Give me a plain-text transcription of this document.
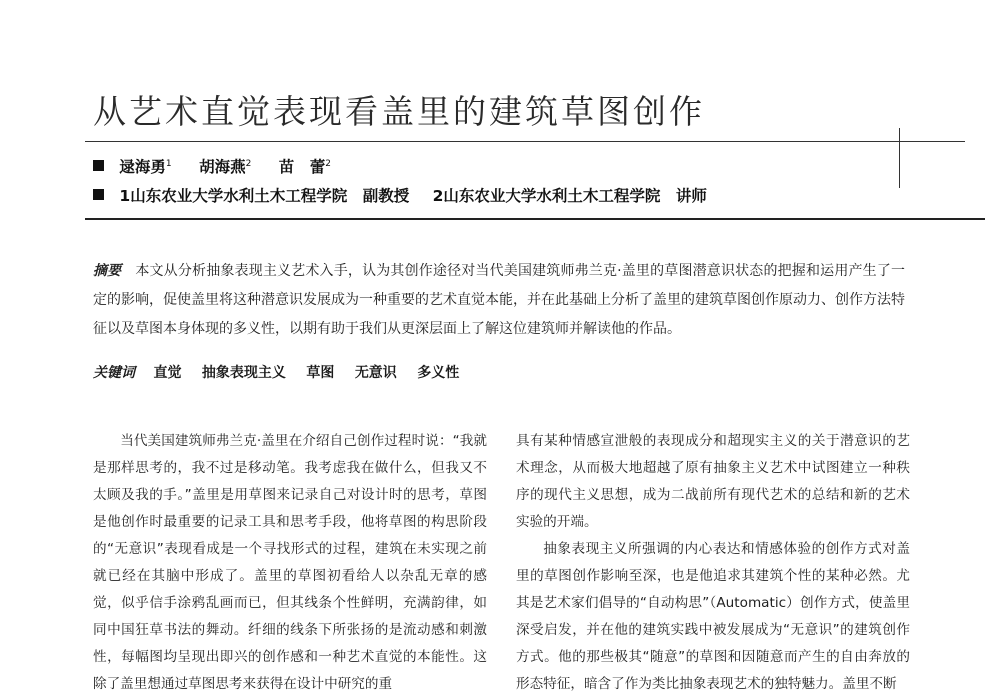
从艺术直觉表现看盖里的建筑草图创作
逯海勇$^1$ 胡海燕$^2$ 苗　蕾$^2$
1山东农业大学水利土木工程学院　副教授 2山东农业大学水利土木工程学院　讲师
摘要 本文从分析抽象表现主义艺术入手，认为其创作途径对当代美国建筑师弗兰克·盖里的草图潜意识状态的把握和运用产生了一定的影响，促使盖里将这种潜意识发展成为一种重要的艺术直觉本能，并在此基础上分析了盖里的建筑草图创作原动力、创作方法特征以及草图本身体现的多义性，以期有助于我们从更深层面上了解这位建筑师并解读他的作品。
关键词 直觉 抽象表现主义 草图 无意识 多义性

当代美国建筑师弗兰克·盖里在介绍自己创作过程时说：“我就是那样思考的，我不过是移动笔。我考虑我在做什么，但我又不太顾及我的手。”盖里是用草图来记录自己对设计时的思考，草图是他创作时最重要的记录工具和思考手段，他将草图的构思阶段的“无意识”表现看成是一个寻找形式的过程，建筑在未实现之前就已经在其脑中形成了。盖里的草图初看给人以杂乱无章的感觉，似乎信手涂鸦乱画而已，但其线条个性鲜明，充满韵律，如同中国狂草书法的舞动。纤细的线条下所张扬的是流动感和刺激性，每幅图均呈现出即兴的创作感和一种艺术直觉的本能性。这除了盖里想通过草图思考来获得在设计中研究的重

具有某种情感宣泄般的表现成分和超现实主义的关于潜意识的艺术理念，从而极大地超越了原有抽象主义艺术中试图建立一种秩序的现代主义思想，成为二战前所有现代艺术的总结和新的艺术实验的开端。

抽象表现主义所强调的内心表达和情感体验的创作方式对盖里的草图创作影响至深，也是他追求其建筑个性的某种必然。尤其是艺术家们倡导的“自动构思”（Automatic）创作方式，使盖里深受启发，并在他的建筑实践中被发展成为“无意识”的建筑创作方式。他的那些极其“随意”的草图和因随意而产生的自由奔放的形态特征，暗含了作为类比抽象表现艺术的独特魅力。盖里不断
